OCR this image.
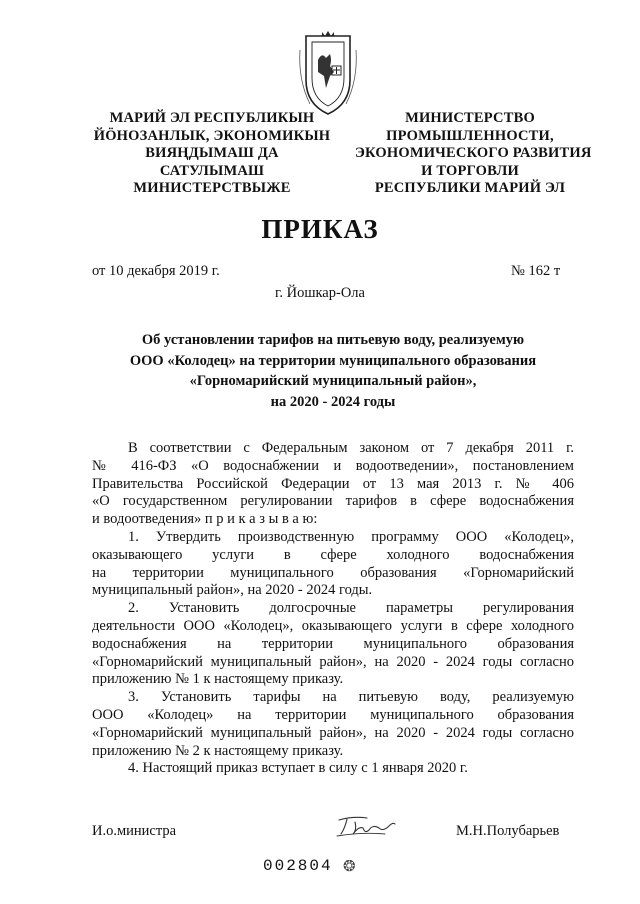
МАРИЙ ЭЛ РЕСПУБЛИКЫН
ЙӦНОЗАНЛЫК, ЭКОНОМИКЫН
ВИЯҢДЫМАШ ДА
САТУЛЫМАШ
МИНИСТЕРСТВЫЖЕ
МИНИСТЕРСТВО
ПРОМЫШЛЕННОСТИ,
ЭКОНОМИЧЕСКОГО РАЗВИТИЯ
И ТОРГОВЛИ
РЕСПУБЛИКИ МАРИЙ ЭЛ
ПРИКАЗ
от 10 декабря 2019 г.	№ 162 т
г. Йошкар-Ола
Об установлении тарифов на питьевую воду, реализуемую
ООО «Колодец» на территории муниципального образования
«Горномарийский муниципальный район»,
на 2020 - 2024 годы

В соответствии с Федеральным законом от 7 декабря 2011 г.

№ 416-ФЗ «О водоснабжении и водоотведении», постановлением

Правительства Российской Федерации от 13 мая 2013 г. № 406

«О государственном регулировании тарифов в сфере водоснабжения

и водоотведения» п р и к а з ы в а ю:

1. Утвердить производственную программу ООО «Колодец»,

оказывающего услуги в сфере холодного водоснабжения

на территории муниципального образования «Горномарийский

муниципальный район», на 2020 - 2024 годы.

2. Установить долгосрочные параметры регулирования

деятельности ООО «Колодец», оказывающего услуги в сфере холодного

водоснабжения на территории муниципального образования

«Горномарийский муниципальный район», на 2020 - 2024 годы согласно

приложению № 1 к настоящему приказу.

3. Установить тарифы на питьевую воду, реализуемую

ООО «Колодец» на территории муниципального образования

«Горномарийский муниципальный район», на 2020 - 2024 годы согласно

приложению № 2 к настоящему приказу.

4. Настоящий приказ вступает в силу с 1 января 2020 г.

И.о.министра	М.Н.Полубарьев
002804 ❂
